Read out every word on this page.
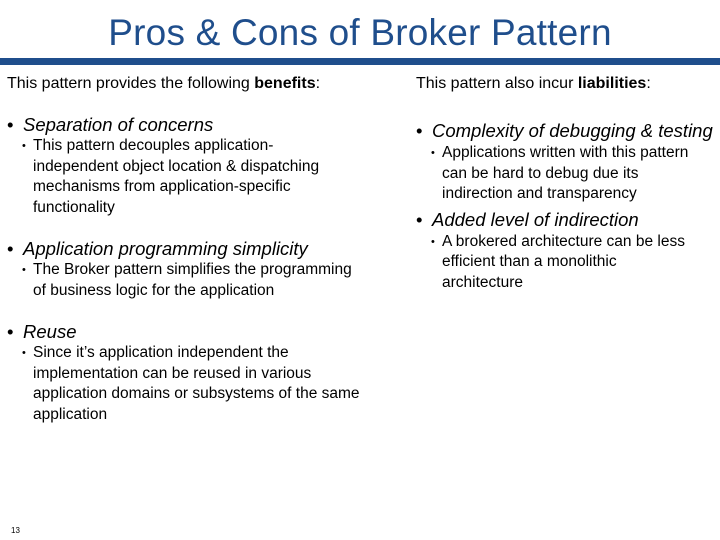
Pros & Cons of Broker Pattern

This pattern provides the following benefits:

• Separation of concerns

• This pattern decouples application-independent object location & dispatching mechanisms from application-specific functionality

• Application programming simplicity

• The Broker pattern simplifies the programming of business logic for the application

• Reuse

• Since it’s application independent the implementation can be reused in various application domains or subsystems of the same application

This pattern also incur liabilities:

• Complexity of debugging & testing

• Applications written with this pattern can be hard to debug due its indirection and transparency

• Added level of indirection

• A brokered architecture can be less efficient than a monolithic architecture

13
